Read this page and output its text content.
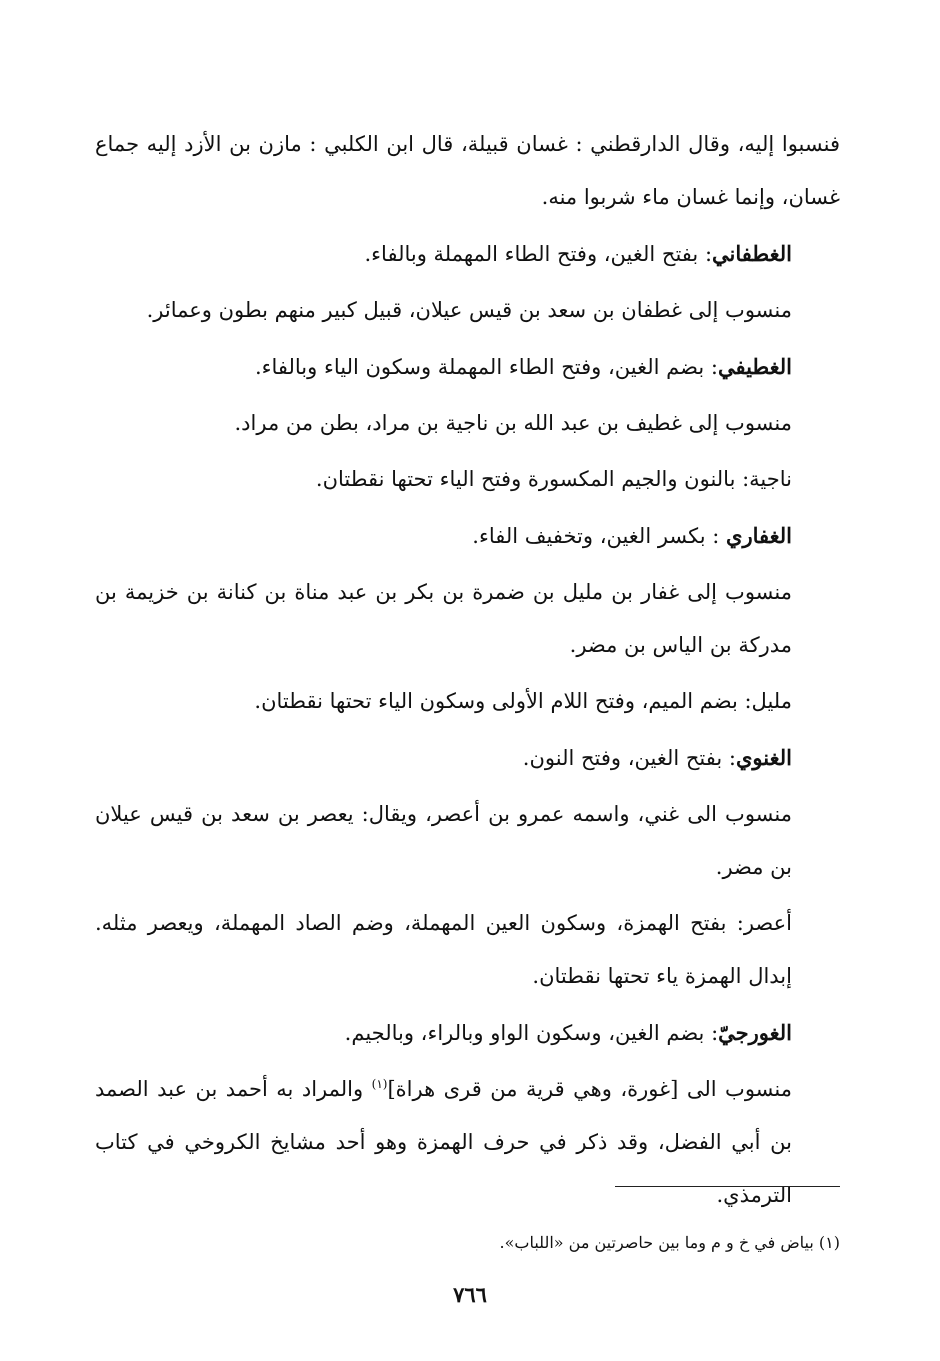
فنسبوا إليه، وقال الدارقطني : غسان قبيلة، قال ابن الكلبي : مازن بن الأزد إليه جماع غسان، وإنما غسان ماء شربوا منه.

الغطفاني: بفتح الغين، وفتح الطاء المهملة وبالفاء.

منسوب إلى غطفان بن سعد بن قيس عيلان، قبيل كبير منهم بطون وعمائر.

الغطيفي: بضم الغين، وفتح الطاء المهملة وسكون الياء وبالفاء.

منسوب إلى غطيف بن عبد الله بن ناجية بن مراد، بطن من مراد.

ناجية: بالنون والجيم المكسورة وفتح الياء تحتها نقطتان.

الغفاري : بكسر الغين، وتخفيف الفاء.

منسوب إلى غفار بن مليل بن ضمرة بن بكر بن عبد مناة بن كنانة بن خزيمة بن مدركة بن الياس بن مضر.

مليل: بضم الميم، وفتح اللام الأولى وسكون الياء تحتها نقطتان.

الغنوي: بفتح الغين، وفتح النون.

منسوب الى غني، واسمه عمرو بن أعصر، ويقال: يعصر بن سعد بن قيس عيلان بن مضر.

أعصر: بفتح الهمزة، وسكون العين المهملة، وضم الصاد المهملة، ويعصر مثله. إبدال الهمزة ياء تحتها نقطتان.

الغورجيّ: بضم الغين، وسكون الواو وبالراء، وبالجيم.

منسوب الى [غورة، وهي قرية من قرى هراة]$^{(١)}$ والمراد به أحمد بن عبد الصمد بن أبي الفضل، وقد ذكر في حرف الهمزة وهو أحد مشايخ الكروخي في كتاب الترمذي.

(١) بياض في خ و م وما بين حاصرتين من «اللباب».

٧٦٦
